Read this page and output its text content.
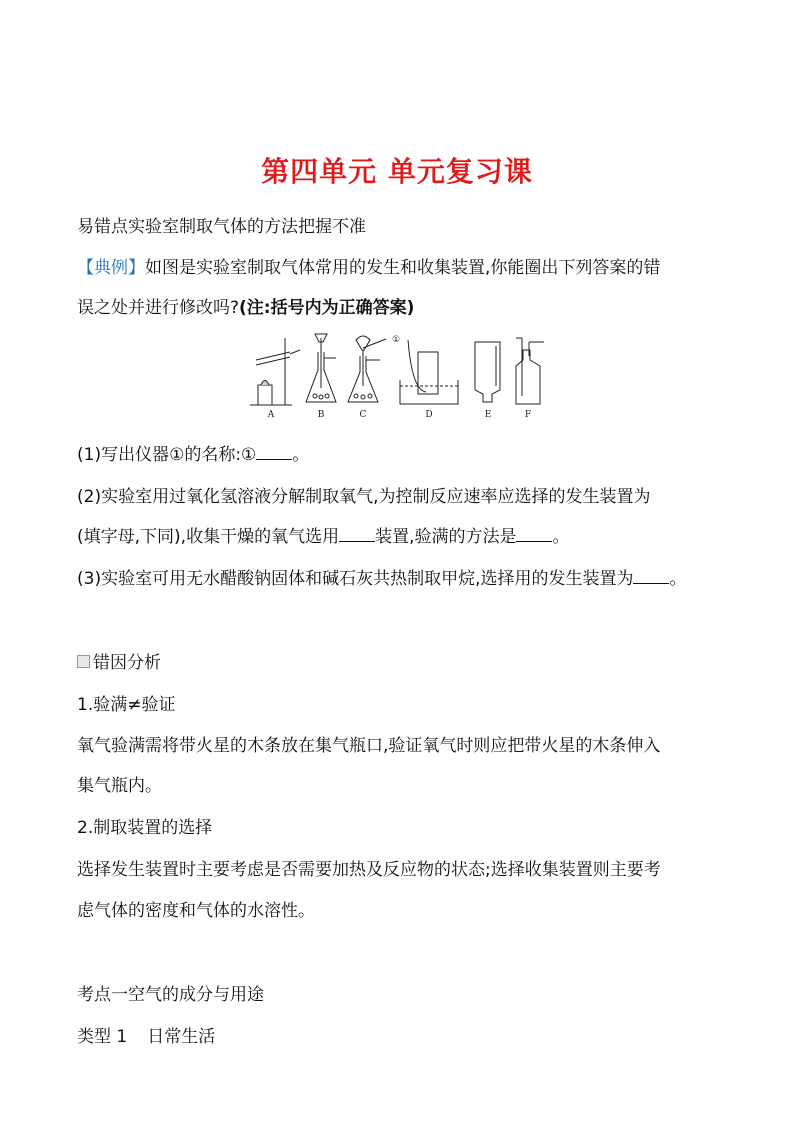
第四单元 单元复习课
易错点实验室制取气体的方法把握不准
【典例】如图是实验室制取气体常用的发生和收集装置,你能圈出下列答案的错
误之处并进行修改吗?(注:括号内为正确答案)
①
A	B	C	D	E	F
(1)写出仪器①的名称:① 。
(2)实验室用过氧化氢溶液分解制取氧气,为控制反应速率应选择的发生装置为
(填字母,下同),收集干燥的氧气选用 装置,验满的方法是 。
(3)实验室可用无水醋酸钠固体和碱石灰共热制取甲烷,选择用的发生装置为 。
错因分析
1.验满≠验证
氧气验满需将带火星的木条放在集气瓶口,验证氧气时则应把带火星的木条伸入
集气瓶内。
2.制取装置的选择
选择发生装置时主要考虑是否需要加热及反应物的状态;选择收集装置则主要考
虑气体的密度和气体的水溶性。
考点一空气的成分与用途
类型 1 日常生活
